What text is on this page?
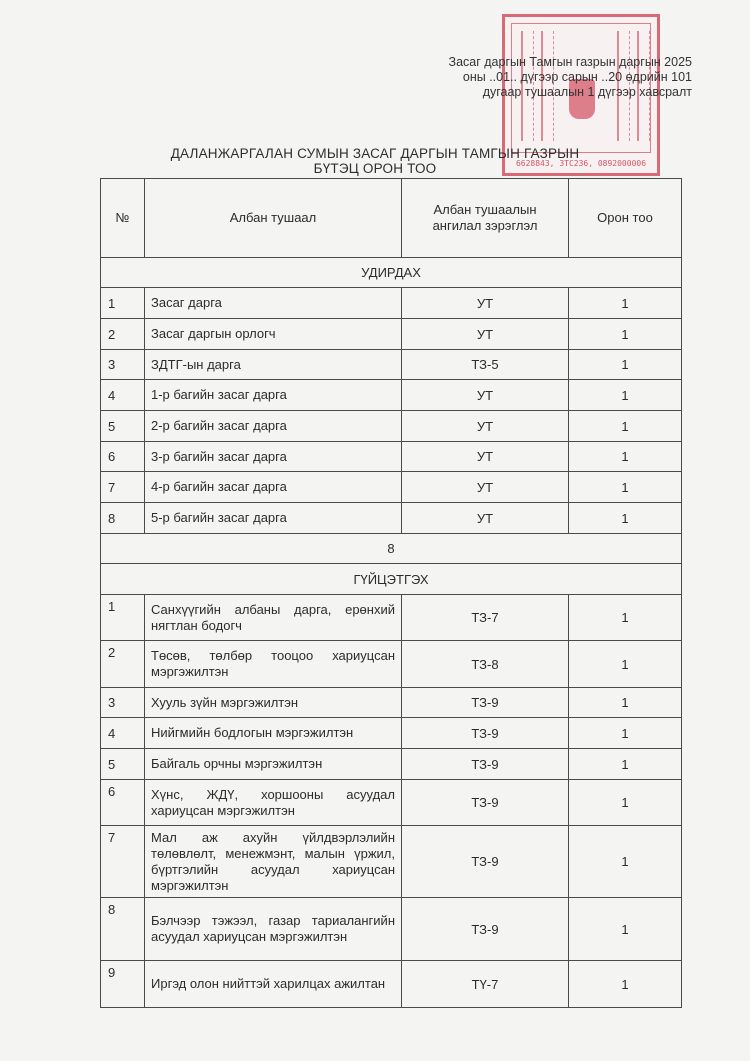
6628843, 3TC236, 0892000006
Засаг даргын Тамгын газрын даргын 2025
оны ..01.. дүгээр сарын ..20 өдрийн 101
дугаар тушаалын 1 дүгээр хавсралт
ДАЛАНЖАРГАЛАН СУМЫН ЗАСАГ ДАРГЫН ТАМГЫН ГАЗРЫН
БҮТЭЦ ОРОН ТОО
№	Албан тушаал	Албан тушаалын ангилал зэрэглэл	Орон тоо
УДИРДАХ			
1	Засаг дарга	УТ	1
2	Засаг даргын орлогч	УТ	1
3	ЗДТГ-ын дарга	ТЗ-5	1
4	1-р багийн засаг дарга	УТ	1
5	2-р багийн засаг дарга	УТ	1
6	3-р багийн засаг дарга	УТ	1
7	4-р багийн засаг дарга	УТ	1
8	5-р багийн засаг дарга	УТ	1
8			
ГҮЙЦЭТГЭХ			
1	Санхүүгийн албаны дарга, ерөнхий нягтлан бодогч	ТЗ-7	1
2	Төсөв, төлбөр тооцоо хариуцсан мэргэжилтэн	ТЗ-8	1
3	Хууль зүйн мэргэжилтэн	ТЗ-9	1
4	Нийгмийн бодлогын мэргэжилтэн	ТЗ-9	1
5	Байгаль орчны мэргэжилтэн	ТЗ-9	1
6	Хүнс, ЖДҮ, хоршооны асуудал хариуцсан мэргэжилтэн	ТЗ-9	1
7	Мал аж ахуйн үйлдвэрлэлийн төлөвлөлт, менежмэнт, малын үржил, бүртгэлийн асуудал хариуцсан мэргэжилтэн	ТЗ-9	1
8	Бэлчээр тэжээл, газар тариалангийн асуудал хариуцсан мэргэжилтэн	ТЗ-9	1
9	Иргэд олон нийттэй харилцах ажилтан	ТҮ-7	1
